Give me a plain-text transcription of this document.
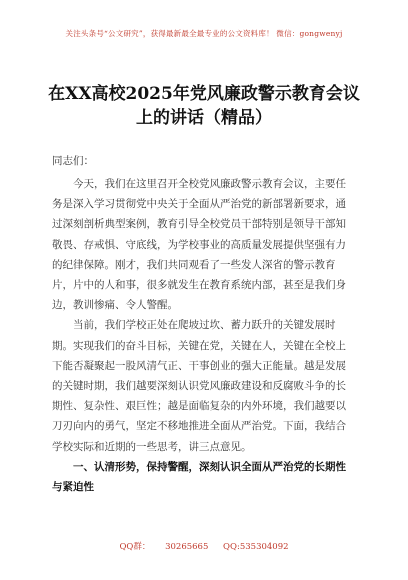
关注头条号“公文研究”，获得最新最全最专业的公文资料库！ 微信：gongwenyj
在XX高校2025年党风廉政警示教育会议上的讲话（精品）
同志们：

今天，我们在这里召开全校党风廉政警示教育会议，主要任务是深入学习贯彻党中央关于全面从严治党的新部署新要求，通过深刻剖析典型案例，教育引导全校党员干部特别是领导干部知敬畏、存戒惧、守底线，为学校事业的高质量发展提供坚强有力的纪律保障。刚才，我们共同观看了一些发人深省的警示教育片，片中的人和事，很多就发生在教育系统内部，甚至是我们身边，教训惨痛、令人警醒。

当前，我们学校正处在爬坡过坎、蓄力跃升的关键发展时期。实现我们的奋斗目标，关键在党，关键在人，关键在全校上下能否凝聚起一股风清气正、干事创业的强大正能量。越是发展的关键时期，我们越要深刻认识党风廉政建设和反腐败斗争的长期性、复杂性、艰巨性；越是面临复杂的内外环境，我们越要以刀刃向内的勇气，坚定不移地推进全面从严治党。下面，我结合学校实际和近期的一些思考，讲三点意见。

一、认清形势，保持警醒，深刻认识全面从严治党的长期性与紧迫性

QQ群： 30265665 QQ:535304092
